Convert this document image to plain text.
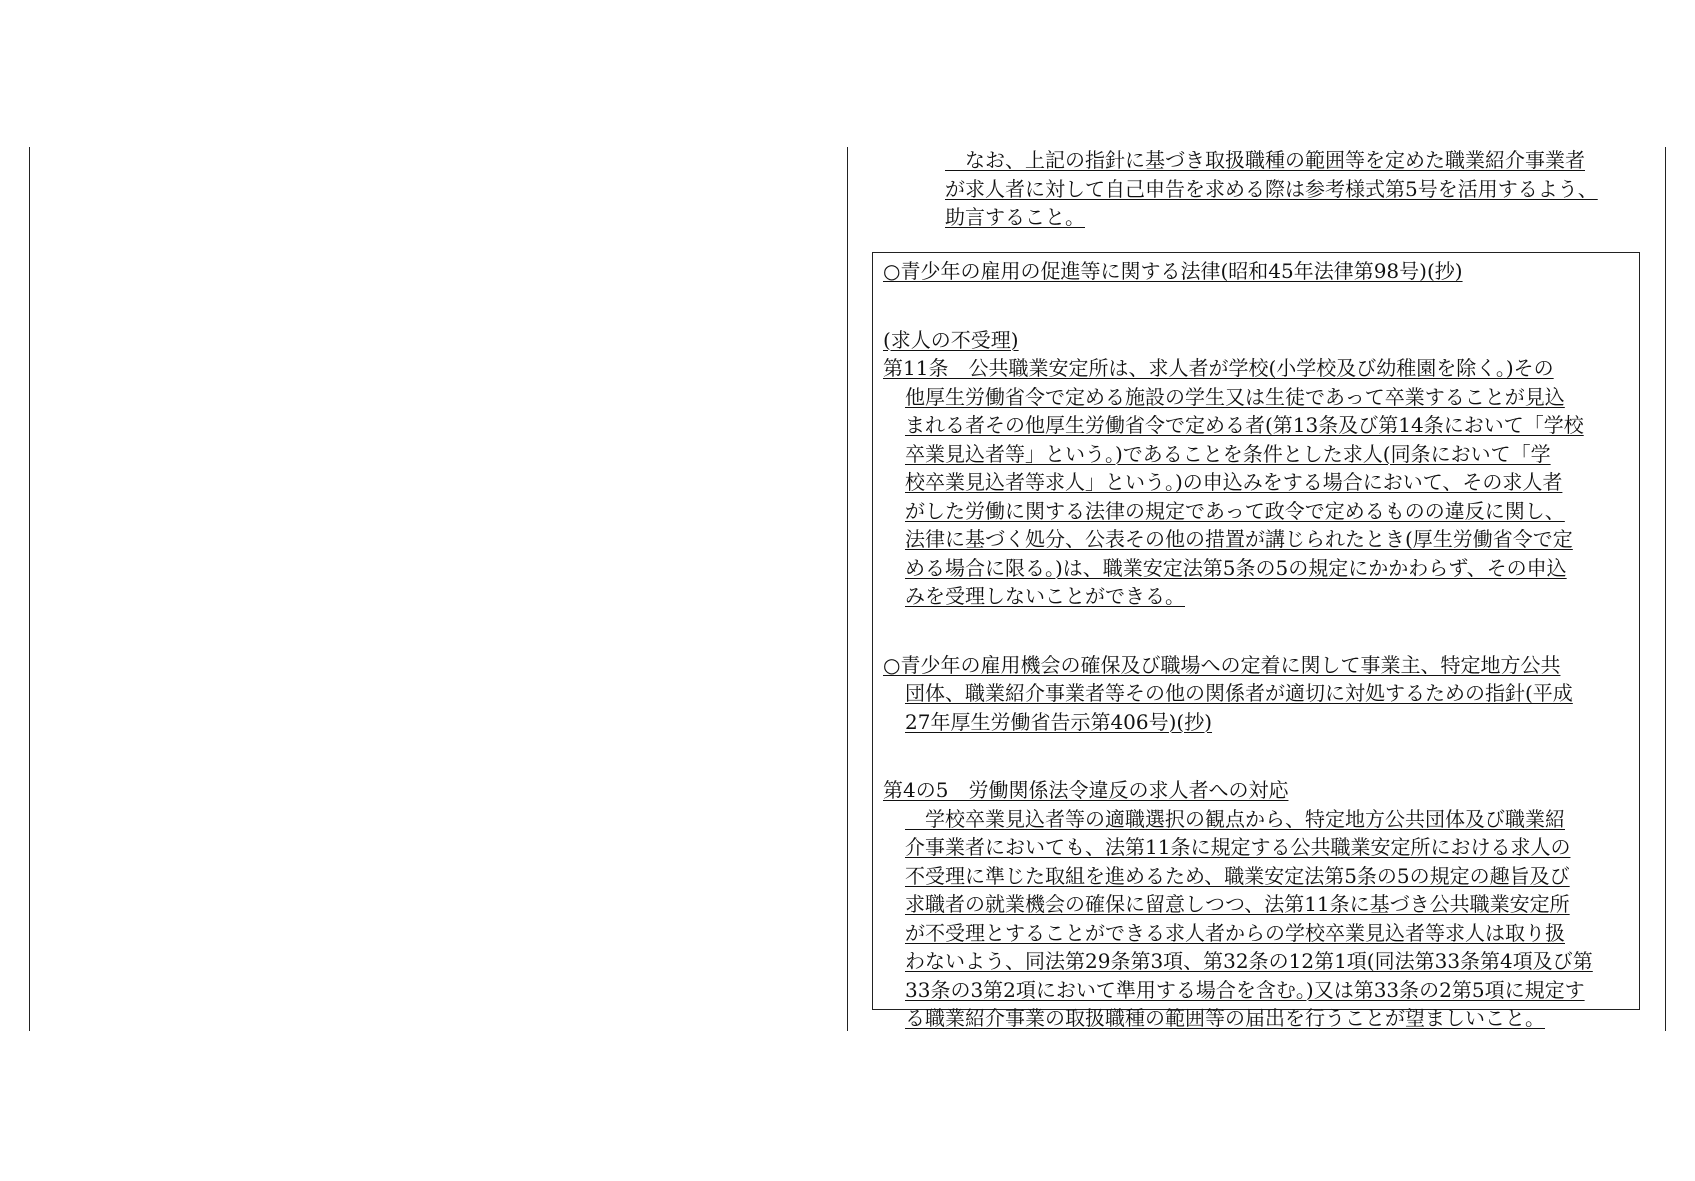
　なお、上記の指針に基づき取扱職種の範囲等を定めた職業紹介事業者
が求人者に対して自己申告を求める際は参考様式第5号を活用するよう、
助言すること。
○青少年の雇用の促進等に関する法律(昭和45年法律第98号)(抄)
(求人の不受理)
第11条　公共職業安定所は、求人者が学校(小学校及び幼稚園を除く。)その
他厚生労働省令で定める施設の学生又は生徒であって卒業することが見込
まれる者その他厚生労働省令で定める者(第13条及び第14条において「学校
卒業見込者等」という。)であることを条件とした求人(同条において「学
校卒業見込者等求人」という。)の申込みをする場合において、その求人者
がした労働に関する法律の規定であって政令で定めるものの違反に関し、
法律に基づく処分、公表その他の措置が講じられたとき(厚生労働省令で定
める場合に限る。)は、職業安定法第5条の5の規定にかかわらず、その申込
みを受理しないことができる。
○青少年の雇用機会の確保及び職場への定着に関して事業主、特定地方公共
団体、職業紹介事業者等その他の関係者が適切に対処するための指針(平成
27年厚生労働省告示第406号)(抄)
第4の5　労働関係法令違反の求人者への対応
　学校卒業見込者等の適職選択の観点から、特定地方公共団体及び職業紹
介事業者においても、法第11条に規定する公共職業安定所における求人の
不受理に準じた取組を進めるため、職業安定法第5条の5の規定の趣旨及び
求職者の就業機会の確保に留意しつつ、法第11条に基づき公共職業安定所
が不受理とすることができる求人者からの学校卒業見込者等求人は取り扱
わないよう、同法第29条第3項、第32条の12第1項(同法第33条第4項及び第
33条の3第2項において準用する場合を含む。)又は第33条の2第5項に規定す
る職業紹介事業の取扱職種の範囲等の届出を行うことが望ましいこと。
